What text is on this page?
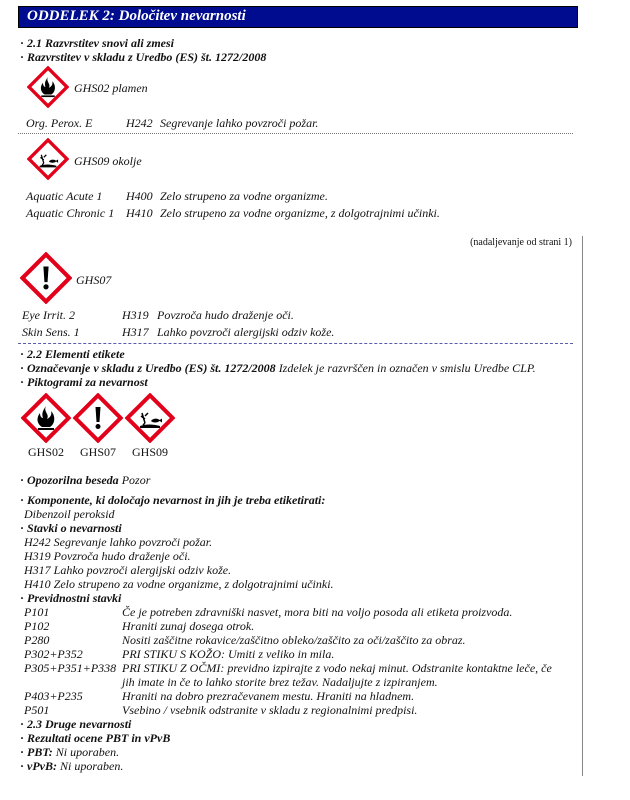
ODDELEK 2: Določitev nevarnosti
· 2.1 Razvrstitev snovi ali zmesi
· Razvrstitev v skladu z Uredbo (ES) št. 1272/2008
GHS02 plamen
Org. Perox. E	H242 Segrevanje lahko povzroči požar.
GHS09 okolje
Aquatic Acute 1 H400 Zelo strupeno za vodne organizme.
Aquatic Chronic 1 H410 Zelo strupeno za vodne organizme, z dolgotrajnimi učinki.
(nadaljevanje od strani 1)
GHS07
Eye Irrit. 2	H319 Povzroča hudo draženje oči.
Skin Sens. 1	H317 Lahko povzroči alergijski odziv kože.
· 2.2 Elementi etikete
· Označevanje v skladu z Uredbo (ES) št. 1272/2008 Izdelek je razvrščen in označen v smislu Uredbe CLP.
· Piktogrami za nevarnost
GHS02 GHS07 GHS09
· Opozorilna beseda Pozor
· Komponente, ki določajo nevarnost in jih je treba etiketirati:
Dibenzoil peroksid
· Stavki o nevarnosti
H242 Segrevanje lahko povzroči požar.
H319 Povzroča hudo draženje oči.
H317 Lahko povzroči alergijski odziv kože.
H410 Zelo strupeno za vodne organizme, z dolgotrajnimi učinki.
· Previdnostni stavki
P101	Če je potreben zdravniški nasvet, mora biti na voljo posoda ali etiketa proizvoda.
P102	Hraniti zunaj dosega otrok.
P280	Nositi zaščitne rokavice/zaščitno obleko/zaščito za oči/zaščito za obraz.
P302+P352	PRI STIKU S KOŽO: Umiti z veliko in mila.
P305+P351+P338 PRI STIKU Z OČMI: previdno izpirajte z vodo nekaj minut. Odstranite kontaktne leče, če
jih imate in če to lahko storite brez težav. Nadaljujte z izpiranjem.
P403+P235	Hraniti na dobro prezračevanem mestu. Hraniti na hladnem.
P501	Vsebino / vsebnik odstranite v skladu z regionalnimi predpisi.
· 2.3 Druge nevarnosti
· Rezultati ocene PBT in vPvB
· PBT: Ni uporaben.
· vPvB: Ni uporaben.
